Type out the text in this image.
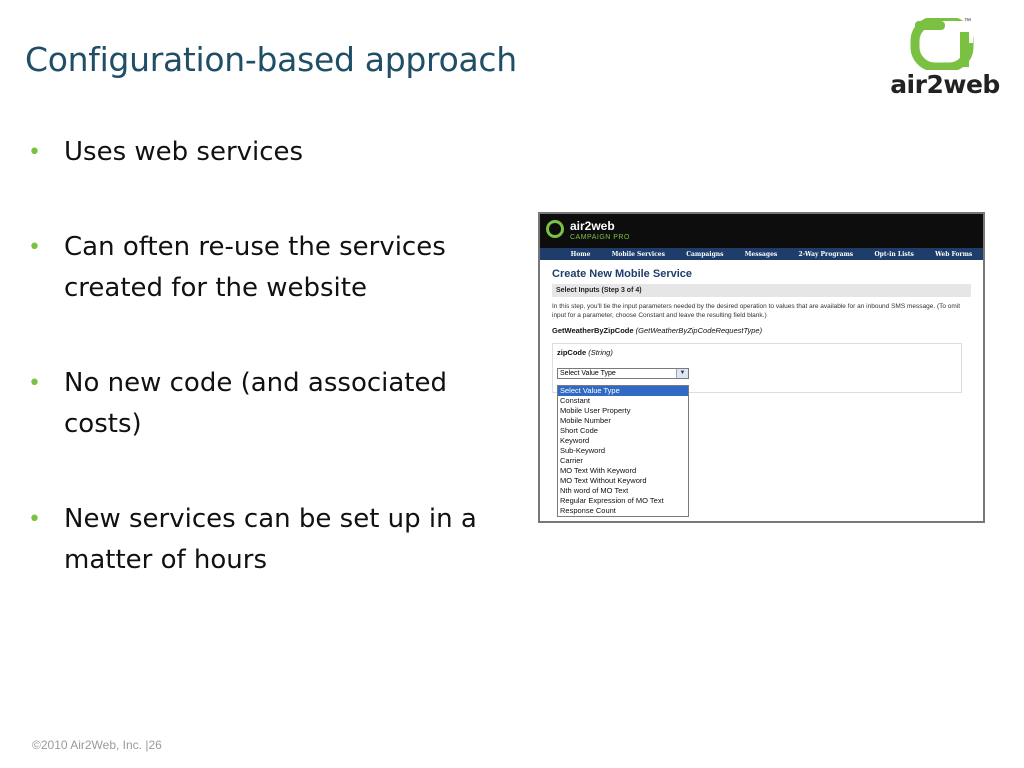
Configuration-based approach
™
air2web
• Uses web services
• Can often re-use the services created for the website
• No new code (and associated costs)
• New services can be set up in a matter of hours
air2web
CAMPAIGN PRO
Home	Mobile Services	Campaigns	Messages	2-Way Programs	Opt-in Lists	Web Forms
Create New Mobile Service
Select Inputs (Step 3 of 4)
In this step, you'll tie the input parameters needed by the desired operation to values that are available for an inbound SMS message. (To omit input for a parameter, choose Constant and leave the resulting field blank.)
GetWeatherByZipCode (GetWeatherByZipCodeRequestType)
zipCode (String)
Select Value Type	▼
Select Value Type
Constant
Mobile User Property
Mobile Number
Short Code
Keyword
Sub-Keyword
Carrier
MO Text With Keyword
MO Text Without Keyword
Nth word of MO Text
Regular Expression of MO Text
Response Count
©2010 Air2Web, Inc. |26
